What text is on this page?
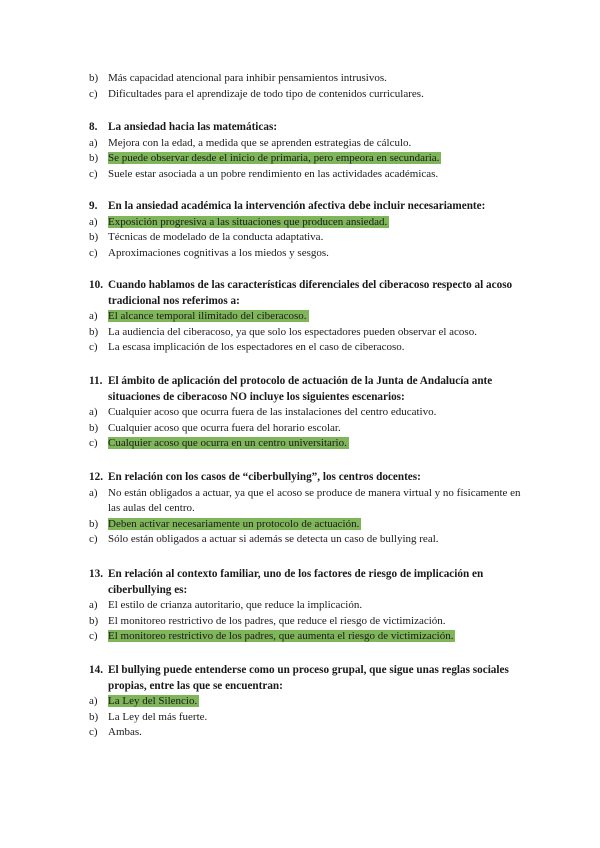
b) Más capacidad atencional para inhibir pensamientos intrusivos.
c) Dificultades para el aprendizaje de todo tipo de contenidos curriculares.
8. La ansiedad hacia las matemáticas:
a) Mejora con la edad, a medida que se aprenden estrategias de cálculo.
b) Se puede observar desde el inicio de primaria, pero empeora en secundaria.
c) Suele estar asociada a un pobre rendimiento en las actividades académicas.
9. En la ansiedad académica la intervención afectiva debe incluir necesariamente:
a) Exposición progresiva a las situaciones que producen ansiedad.
b) Técnicas de modelado de la conducta adaptativa.
c) Aproximaciones cognitivas a los miedos y sesgos.
10. Cuando hablamos de las características diferenciales del ciberacoso respecto al acoso tradicional nos referimos a:
a) El alcance temporal ilimitado del ciberacoso.
b) La audiencia del ciberacoso, ya que solo los espectadores pueden observar el acoso.
c) La escasa implicación de los espectadores en el caso de ciberacoso.
11. El ámbito de aplicación del protocolo de actuación de la Junta de Andalucía ante situaciones de ciberacoso NO incluye los siguientes escenarios:
a) Cualquier acoso que ocurra fuera de las instalaciones del centro educativo.
b) Cualquier acoso que ocurra fuera del horario escolar.
c) Cualquier acoso que ocurra en un centro universitario.
12. En relación con los casos de “ciberbullying”, los centros docentes:
a) No están obligados a actuar, ya que el acoso se produce de manera virtual y no físicamente en las aulas del centro.
b) Deben activar necesariamente un protocolo de actuación.
c) Sólo están obligados a actuar si además se detecta un caso de bullying real.
13. En relación al contexto familiar, uno de los factores de riesgo de implicación en ciberbullying es:
a) El estilo de crianza autoritario, que reduce la implicación.
b) El monitoreo restrictivo de los padres, que reduce el riesgo de victimización.
c) El monitoreo restrictivo de los padres, que aumenta el riesgo de victimización.
14. El bullying puede entenderse como un proceso grupal, que sigue unas reglas sociales propias, entre las que se encuentran:
a) La Ley del Silencio.
b) La Ley del más fuerte.
c) Ambas.
